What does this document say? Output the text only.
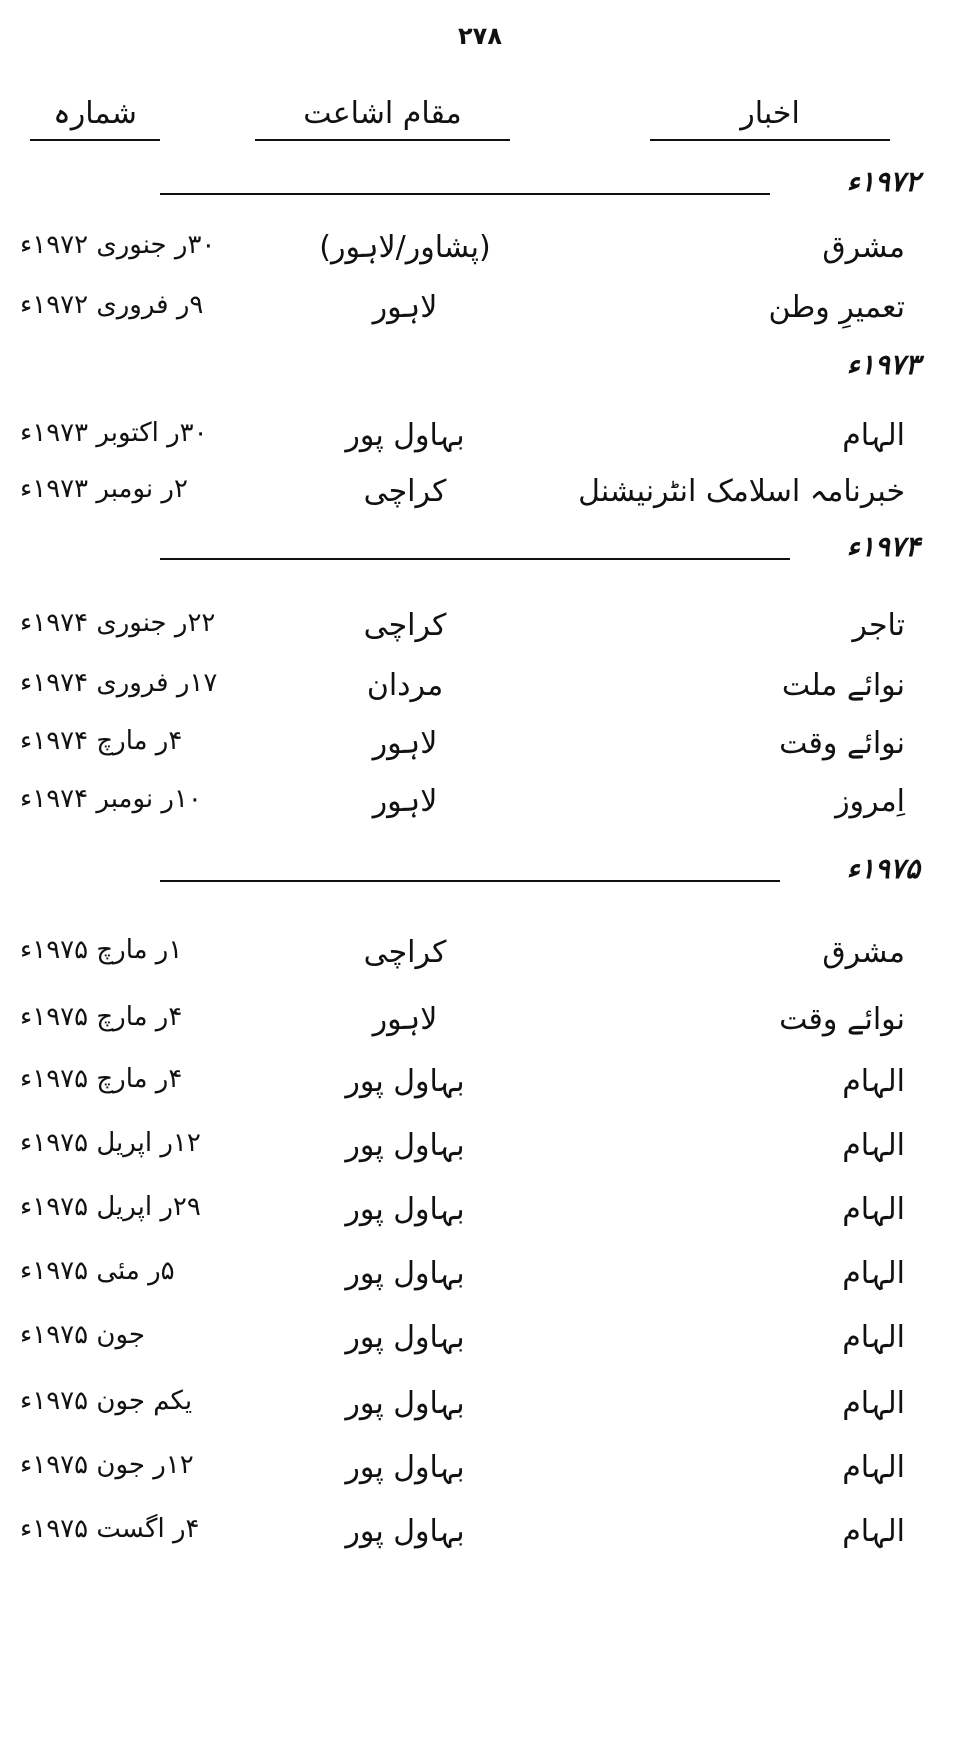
۲۷۸
اخبار
مقام اشاعت
شمارہ
۱۹۷۲ء
مشرق
(پشاور/لاہور)
۳۰ر جنوری ۱۹۷۲ء
تعمیرِ وطن
لاہور
۹ر فروری ۱۹۷۲ء
۱۹۷۳ء
الہام
بہاول پور
۳۰ر اکتوبر ۱۹۷۳ء
خبرنامہ اسلامک انٹرنیشنل
کراچی
۲ر نومبر ۱۹۷۳ء
۱۹۷۴ء
تاجر
کراچی
۲۲ر جنوری ۱۹۷۴ء
نوائے ملت
مردان
۱۷ر فروری ۱۹۷۴ء
نوائے وقت
لاہور
۴ر مارچ ۱۹۷۴ء
اِمروز
لاہور
۱۰ر نومبر ۱۹۷۴ء
۱۹۷۵ء
مشرق
کراچی
۱ر مارچ ۱۹۷۵ء
نوائے وقت
لاہور
۴ر مارچ ۱۹۷۵ء
الہام
بہاول پور
۴ر مارچ ۱۹۷۵ء
الہام
بہاول پور
۱۲ر اپریل ۱۹۷۵ء
الہام
بہاول پور
۲۹ر اپریل ۱۹۷۵ء
الہام
بہاول پور
۵ر مئی ۱۹۷۵ء
الہام
بہاول پور
جون ۱۹۷۵ء
الہام
بہاول پور
یکم جون ۱۹۷۵ء
الہام
بہاول پور
۱۲ر جون ۱۹۷۵ء
الہام
بہاول پور
۴ر اگست ۱۹۷۵ء
